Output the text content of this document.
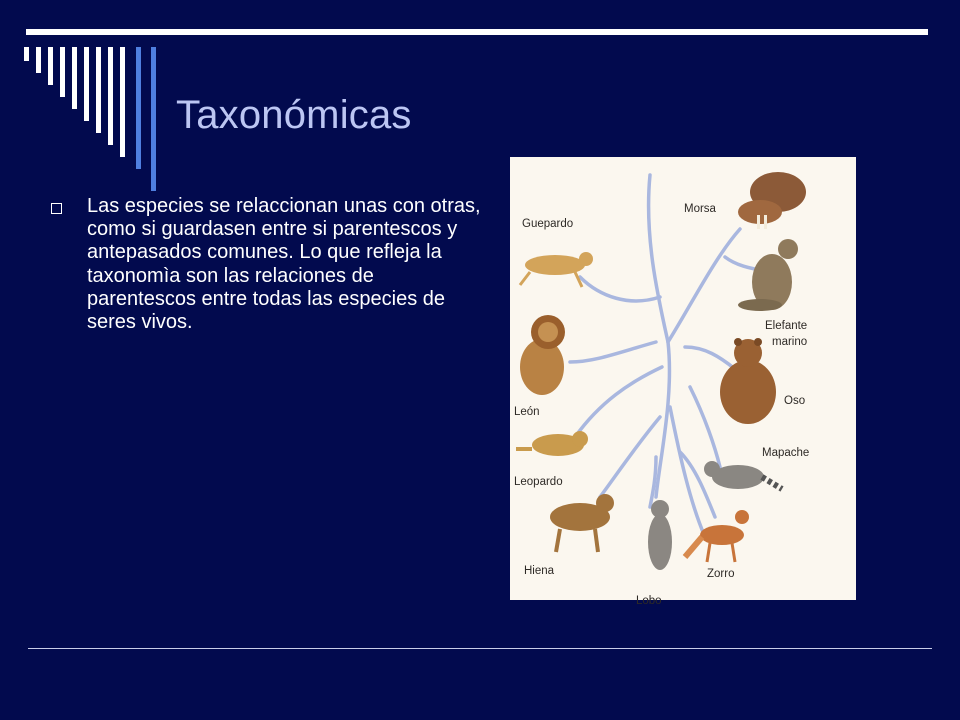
Taxonómicas
Las especies se relaccionan unas con otras, como si guardasen entre si parentescos y antepasados comunes. Lo que refleja la taxonomìa son las relaciones de parentescos entre todas las especies de seres vivos.
Guepardo
Morsa
Elefante
marino
León
Oso
Leopardo
Mapache
Hiena
Lobo
Zorro
